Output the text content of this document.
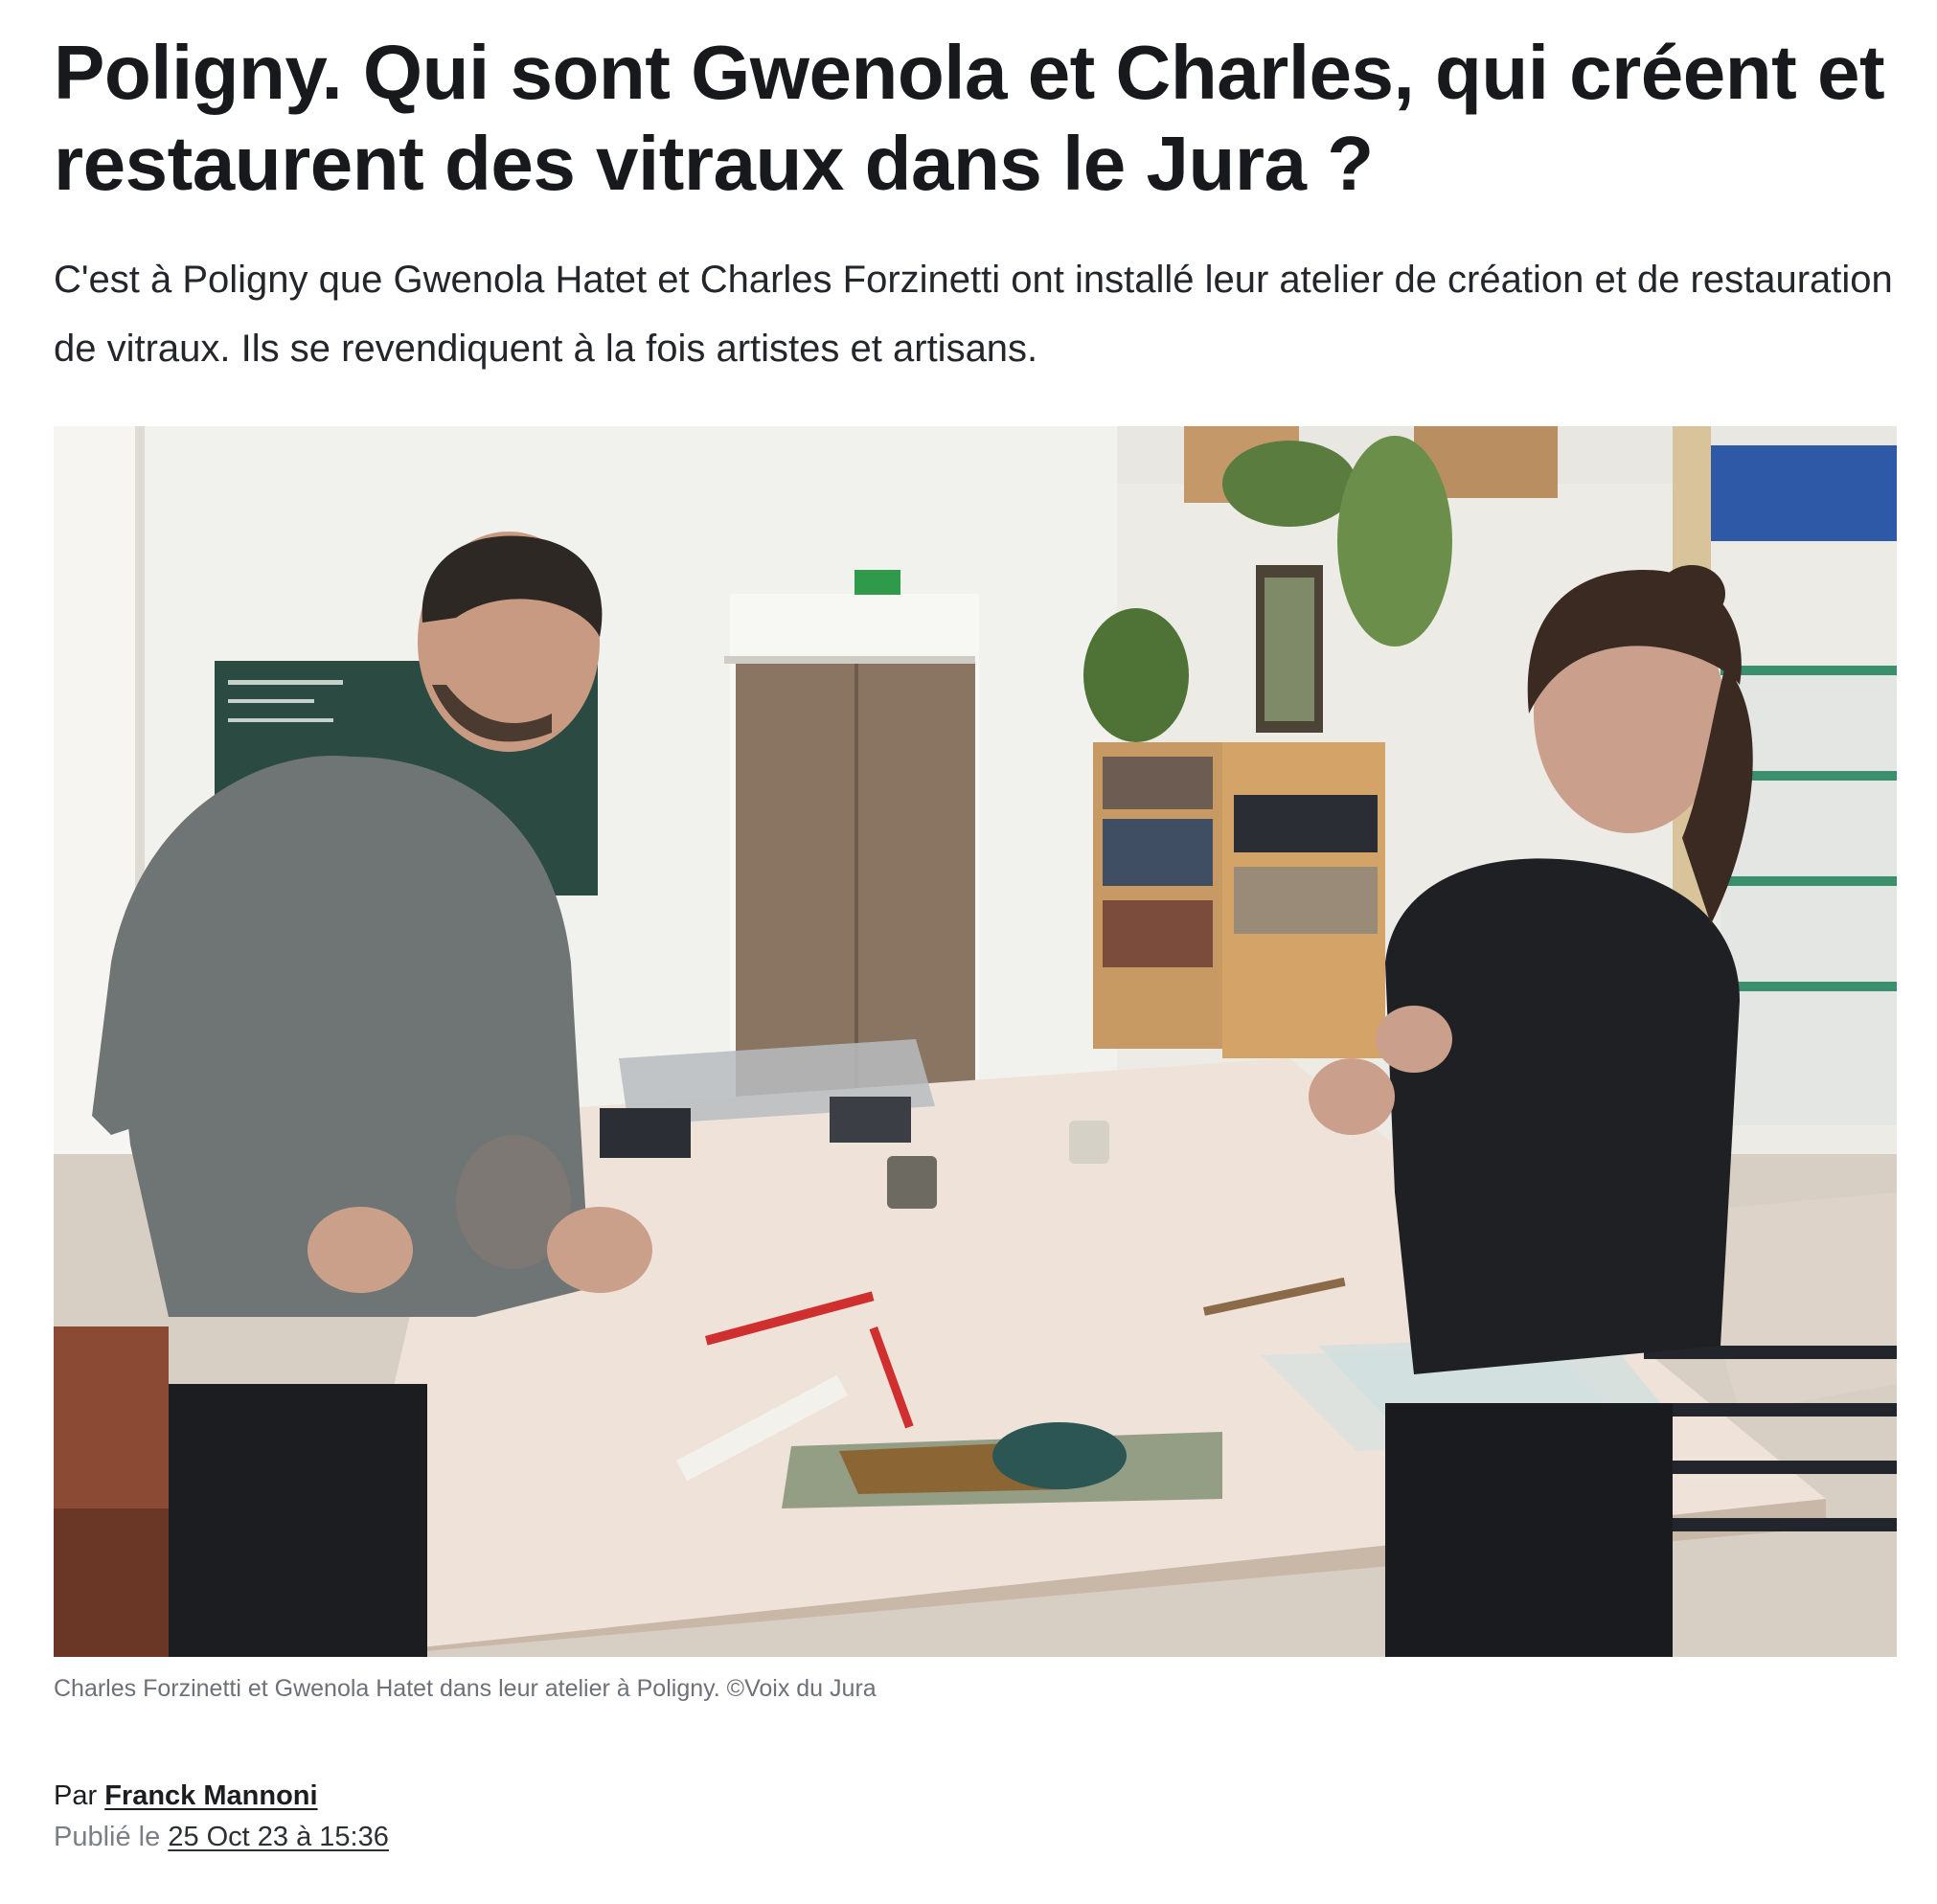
Poligny. Qui sont Gwenola et Charles, qui créent et restaurent des vitraux dans le Jura ?

C'est à Poligny que Gwenola Hatet et Charles Forzinetti ont installé leur atelier de création et de restauration de vitraux. Ils se revendiquent à la fois artistes et artisans.

Charles Forzinetti et Gwenola Hatet dans leur atelier à Poligny. ©Voix du Jura
Par Franck Mannoni
Publié le 25 Oct 23 à 15:36
